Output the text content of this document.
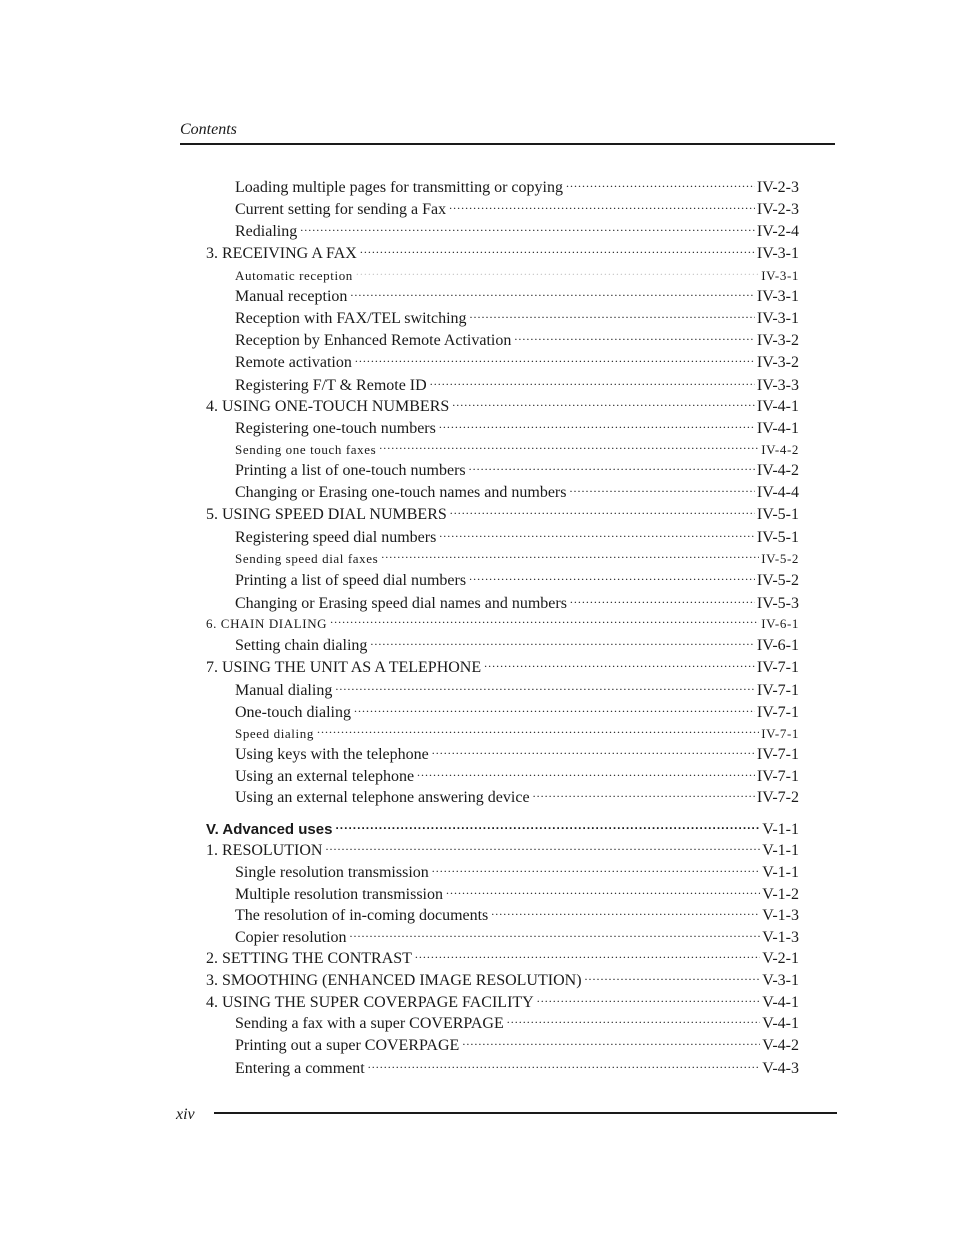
Contents
Loading multiple pages for transmitting or copying .....	IV-2-3
Current setting for sending a Fax .....	IV-2-3
Redialing .....	IV-2-4
3. RECEIVING A FAX .....	IV-3-1
Automatic reception .....	IV-3-1
Manual reception .....	IV-3-1
Reception with FAX/TEL switching .....	IV-3-1
Reception by Enhanced Remote Activation .....	IV-3-2
Remote activation .....	IV-3-2
Registering F/T & Remote ID .....	IV-3-3
4. USING ONE-TOUCH NUMBERS .....	IV-4-1
Registering one-touch numbers .....	IV-4-1
Sending one touch faxes .....	IV-4-2
Printing a list of one-touch numbers .....	IV-4-2
Changing or Erasing one-touch names and numbers .....	IV-4-4
5. USING SPEED DIAL NUMBERS .....	IV-5-1
Registering speed dial numbers .....	IV-5-1
Sending speed dial faxes .....	IV-5-2
Printing a list of speed dial numbers .....	IV-5-2
Changing or Erasing speed dial names and numbers .....	IV-5-3
6. CHAIN DIALING .....	IV-6-1
Setting chain dialing .....	IV-6-1
7. USING THE UNIT AS A TELEPHONE .....	IV-7-1
Manual dialing .....	IV-7-1
One-touch dialing .....	IV-7-1
Speed dialing .....	IV-7-1
Using keys with the telephone .....	IV-7-1
Using an external telephone .....	IV-7-1
Using an external telephone answering device .....	IV-7-2
V. Advanced uses .....	V-1-1
1. RESOLUTION .....	V-1-1
Single resolution transmission .....	V-1-1
Multiple resolution transmission .....	V-1-2
The resolution of in-coming documents .....	V-1-3
Copier resolution .....	V-1-3
2. SETTING THE CONTRAST .....	V-2-1
3. SMOOTHING (ENHANCED IMAGE RESOLUTION) .....	V-3-1
4. USING THE SUPER COVERPAGE FACILITY .....	V-4-1
Sending a fax with a super COVERPAGE .....	V-4-1
Printing out a super COVERPAGE .....	V-4-2
Entering a comment .....	V-4-3
xiv
